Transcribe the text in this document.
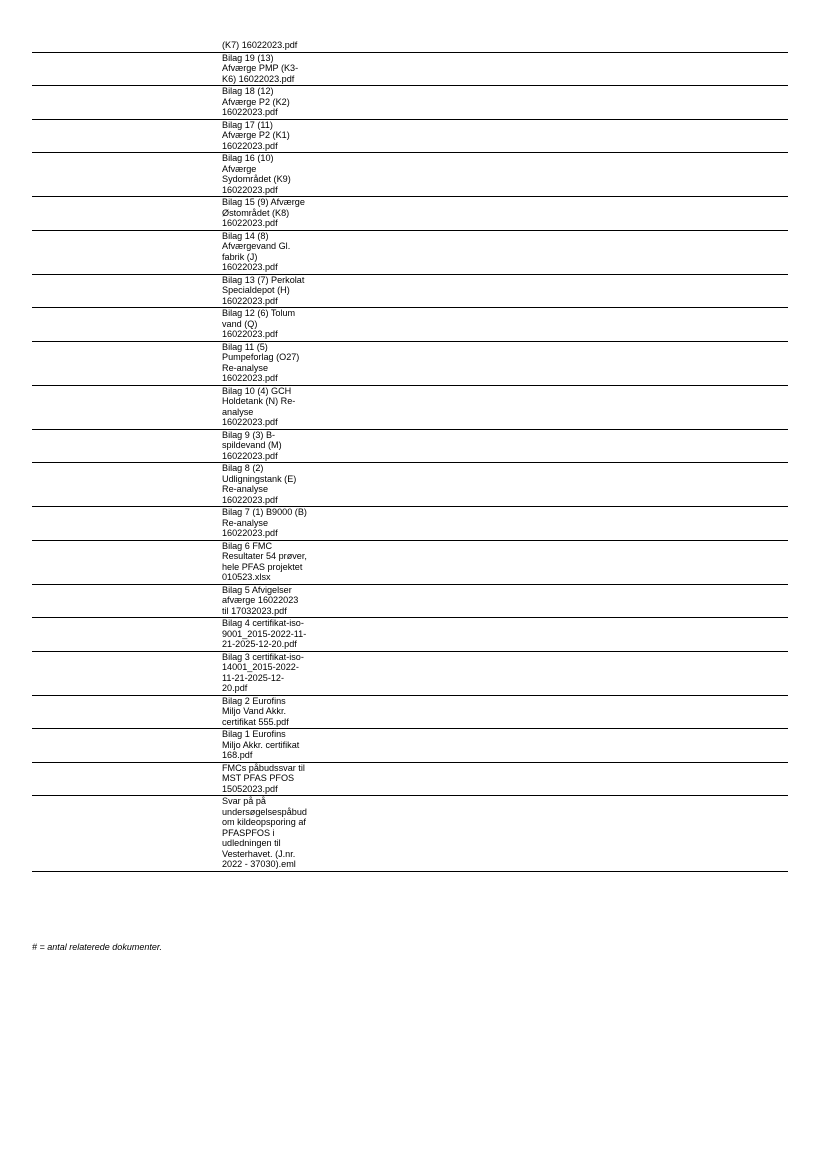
(K7) 16022023.pdf
Bilag 19 (13)
Afværge PMP (K3-
K6) 16022023.pdf
Bilag 18 (12)
Afværge P2 (K2)
16022023.pdf
Bilag 17 (11)
Afværge P2 (K1)
16022023.pdf
Bilag 16 (10)
Afværge
Sydområdet (K9)
16022023.pdf
Bilag 15 (9) Afværge
Østområdet (K8)
16022023.pdf
Bilag 14 (8)
Afværgevand Gl.
fabrik (J)
16022023.pdf
Bilag 13 (7) Perkolat
Specialdepot (H)
16022023.pdf
Bilag 12 (6) Tolum
vand (Q)
16022023.pdf
Bilag 11 (5)
Pumpeforlag (O27)
Re-analyse
16022023.pdf
Bilag 10 (4) GCH
Holdetank (N) Re-
analyse
16022023.pdf
Bilag 9 (3) B-
spildevand (M)
16022023.pdf
Bilag 8 (2)
Udligningstank (E)
Re-analyse
16022023.pdf
Bilag 7 (1) B9000 (B)
Re-analyse
16022023.pdf
Bilag 6 FMC
Resultater 54 prøver,
hele PFAS projektet
010523.xlsx
Bilag 5 Afvigelser
afværge 16022023
til 17032023.pdf
Bilag 4 certifikat-iso-
9001_2015-2022-11-
21-2025-12-20.pdf
Bilag 3 certifikat-iso-
14001_2015-2022-
11-21-2025-12-
20.pdf
Bilag 2 Eurofins
Miljo Vand Akkr.
certifikat 555.pdf
Bilag 1 Eurofins
Miljo Akkr. certifikat
168.pdf
FMCs påbudssvar til
MST PFAS PFOS
15052023.pdf
Svar på på
undersøgelsespåbud
om kildeopsporing af
PFASPFOS i
udledningen til
Vesterhavet. (J.nr.
2022 - 37030).eml
# = antal relaterede dokumenter.
